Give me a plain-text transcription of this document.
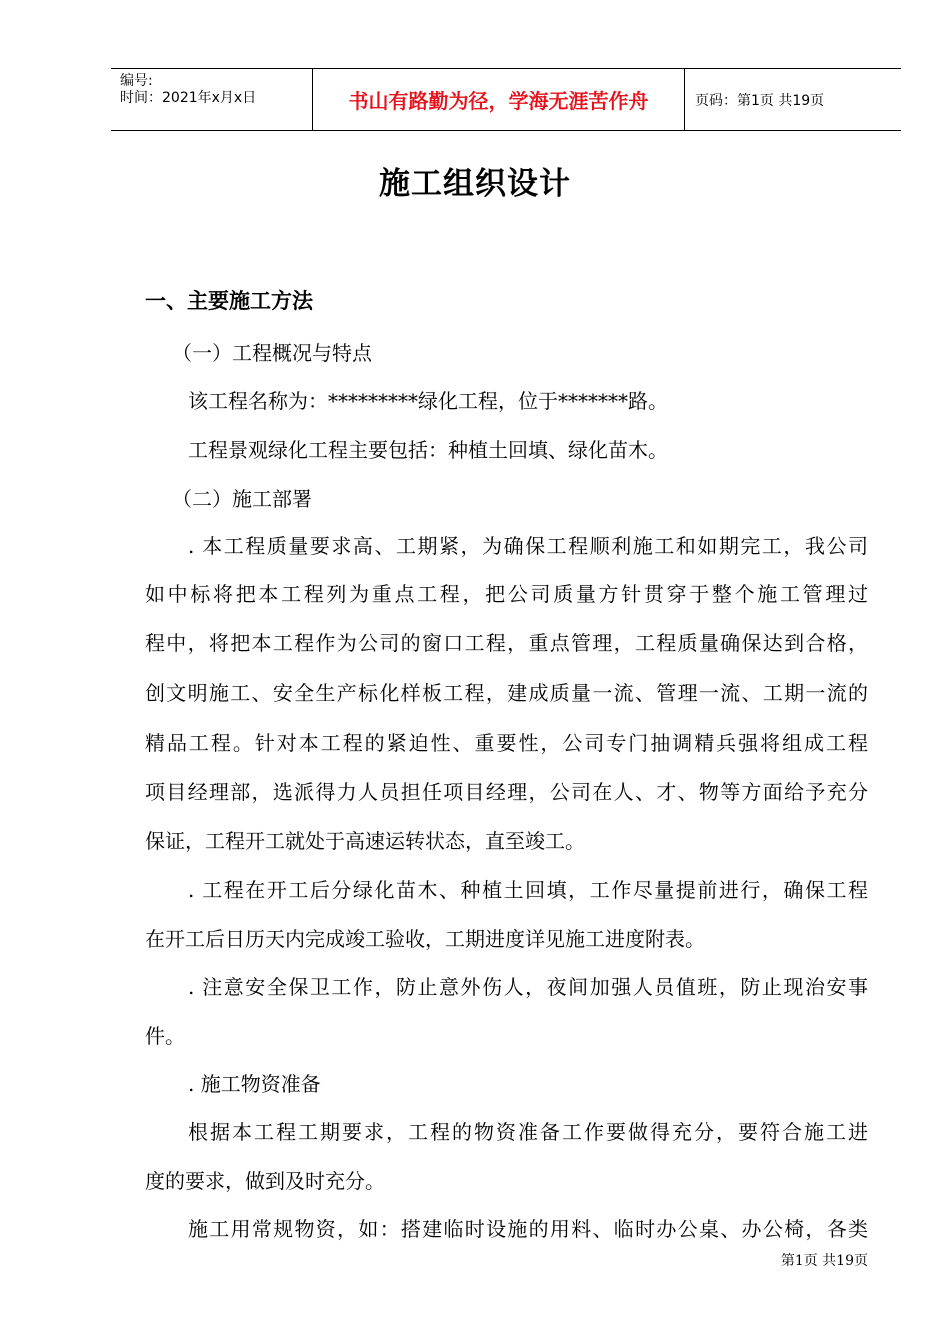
编号:
时间：2021年x月x日	书山有路勤为径，学海无涯苦作舟	页码：第1页 共19页
施工组织设计
一、主要施工方法
（一）工程概况与特点
该工程名称为：*********绿化工程，位于*******路。
工程景观绿化工程主要包括：种植土回填、绿化苗木。
（二）施工部署
. 本工程质量要求高、工期紧，为确保工程顺利施工和如期完工，我公司
如中标将把本工程列为重点工程，把公司质量方针贯穿于整个施工管理过
程中，将把本工程作为公司的窗口工程，重点管理，工程质量确保达到合格，
创文明施工、安全生产标化样板工程，建成质量一流、管理一流、工期一流的
精品工程。针对本工程的紧迫性、重要性，公司专门抽调精兵强将组成工程
项目经理部，选派得力人员担任项目经理，公司在人、才、物等方面给予充分
保证，工程开工就处于高速运转状态，直至竣工。
. 工程在开工后分绿化苗木、种植土回填，工作尽量提前进行，确保工程
在开工后日历天内完成竣工验收，工期进度详见施工进度附表。
. 注意安全保卫工作，防止意外伤人，夜间加强人员值班，防止现治安事
件。
. 施工物资准备
根据本工程工期要求，工程的物资准备工作要做得充分，要符合施工进
度的要求，做到及时充分。
施工用常规物资，如：搭建临时设施的用料、临时办公桌、办公椅，各类
第1页 共19页
